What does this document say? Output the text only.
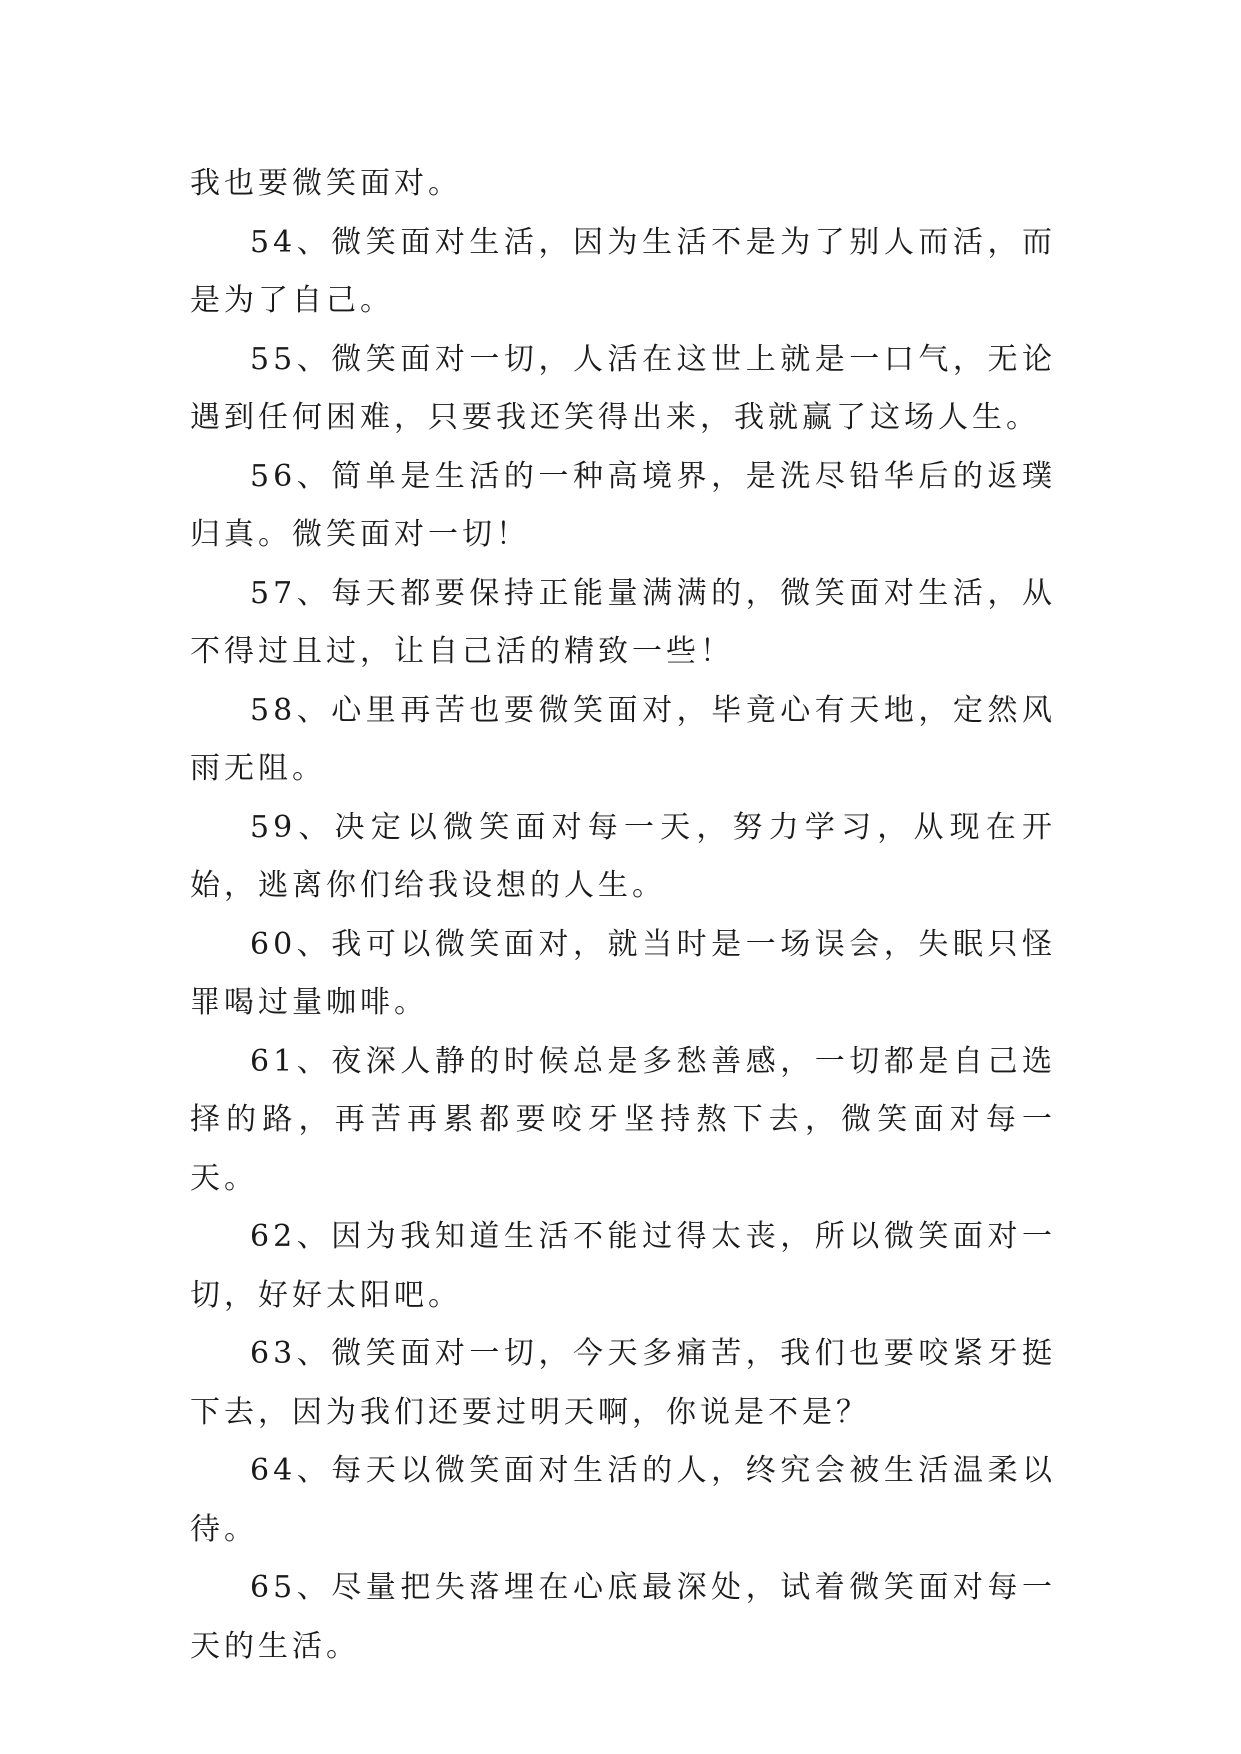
我也要微笑面对。

54、微笑面对生活，因为生活不是为了别人而活，而是为了自己。

55、微笑面对一切，人活在这世上就是一口气，无论遇到任何困难，只要我还笑得出来，我就赢了这场人生。

56、简单是生活的一种高境界，是洗尽铅华后的返璞归真。微笑面对一切！

57、每天都要保持正能量满满的，微笑面对生活，从不得过且过，让自己活的精致一些！

58、心里再苦也要微笑面对，毕竟心有天地，定然风雨无阻。

59、决定以微笑面对每一天，努力学习，从现在开始，逃离你们给我设想的人生。

60、我可以微笑面对，就当时是一场误会，失眠只怪罪喝过量咖啡。

61、夜深人静的时候总是多愁善感，一切都是自己选择的路，再苦再累都要咬牙坚持熬下去，微笑面对每一天。

62、因为我知道生活不能过得太丧，所以微笑面对一切，好好太阳吧。

63、微笑面对一切，今天多痛苦，我们也要咬紧牙挺下去，因为我们还要过明天啊，你说是不是？

64、每天以微笑面对生活的人，终究会被生活温柔以待。

65、尽量把失落埋在心底最深处，试着微笑面对每一天的生活。
